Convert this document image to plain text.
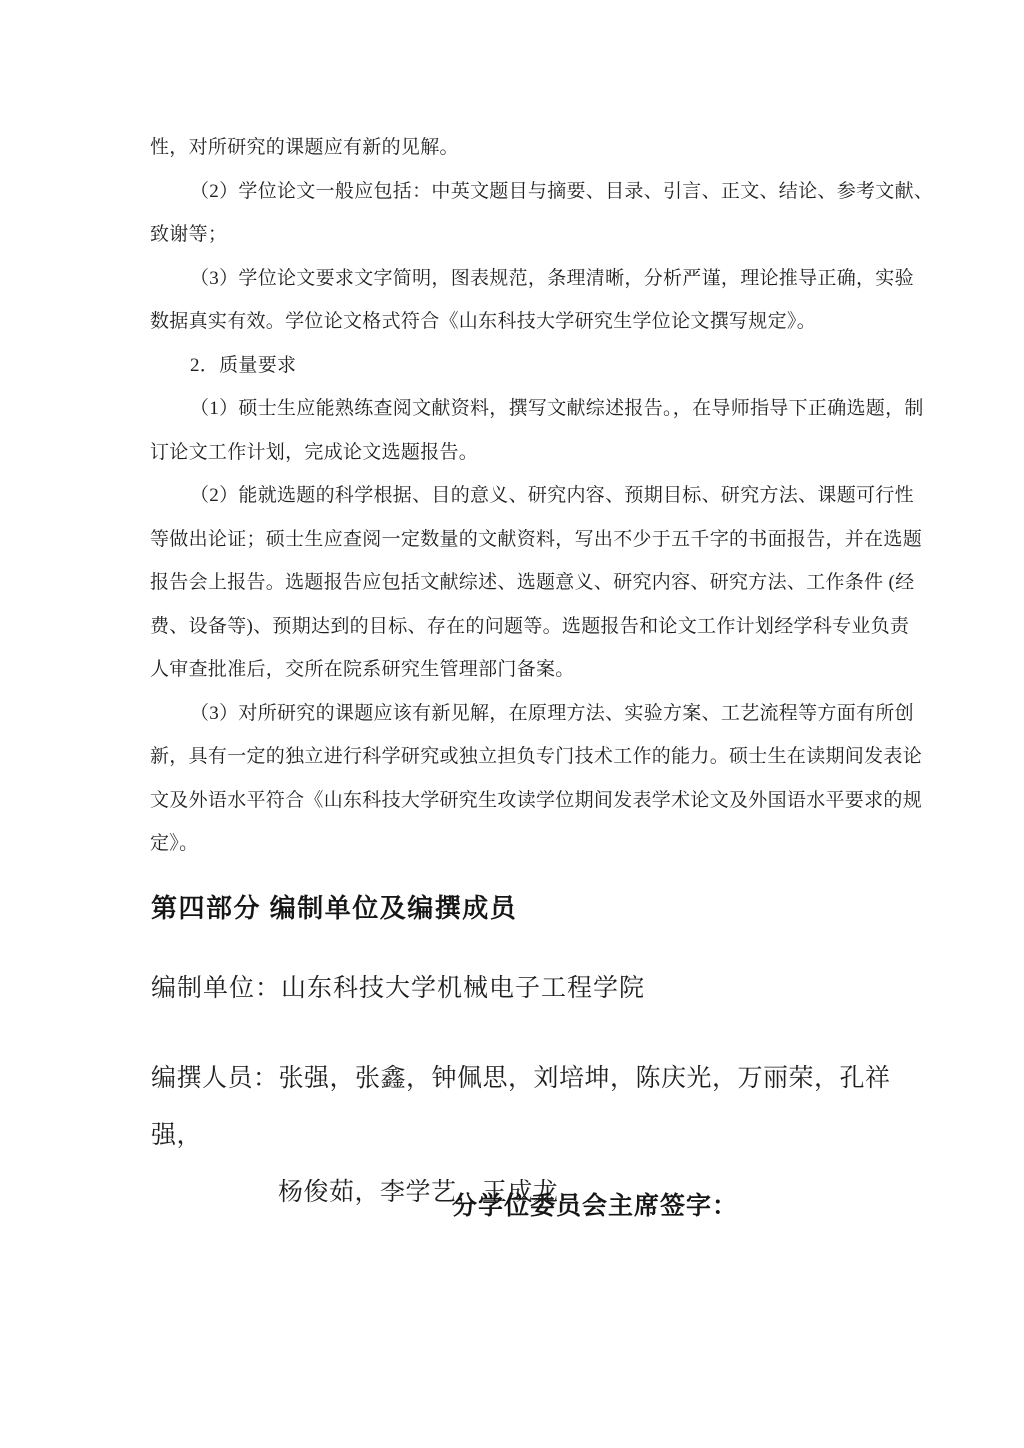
性，对所研究的课题应有新的见解。
（2）学位论文一般应包括：中英文题目与摘要、目录、引言、正文、结论、参考文献、
致谢等；
（3）学位论文要求文字简明，图表规范，条理清晰，分析严谨，理论推导正确，实验
数据真实有效。学位论文格式符合《山东科技大学研究生学位论文撰写规定》。
2．质量要求
（1）硕士生应能熟练查阅文献资料，撰写文献综述报告。，在导师指导下正确选题，制
订论文工作计划，完成论文选题报告。
（2）能就选题的科学根据、目的意义、研究内容、预期目标、研究方法、课题可行性
等做出论证；硕士生应查阅一定数量的文献资料，写出不少于五千字的书面报告，并在选题
报告会上报告。选题报告应包括文献综述、选题意义、研究内容、研究方法、工作条件 (经
费、设备等)、预期达到的目标、存在的问题等。选题报告和论文工作计划经学科专业负责
人审查批准后，交所在院系研究生管理部门备案。
（3）对所研究的课题应该有新见解，在原理方法、实验方案、工艺流程等方面有所创
新，具有一定的独立进行科学研究或独立担负专门技术工作的能力。硕士生在读期间发表论
文及外语水平符合《山东科技大学研究生攻读学位期间发表学术论文及外国语水平要求的规
定》。
第四部分 编制单位及编撰成员
编制单位：山东科技大学机械电子工程学院
编撰人员：张强，张鑫，钟佩思，刘培坤，陈庆光，万丽荣，孔祥强，
杨俊茹，李学艺，王成龙
分学位委员会主席签字：
